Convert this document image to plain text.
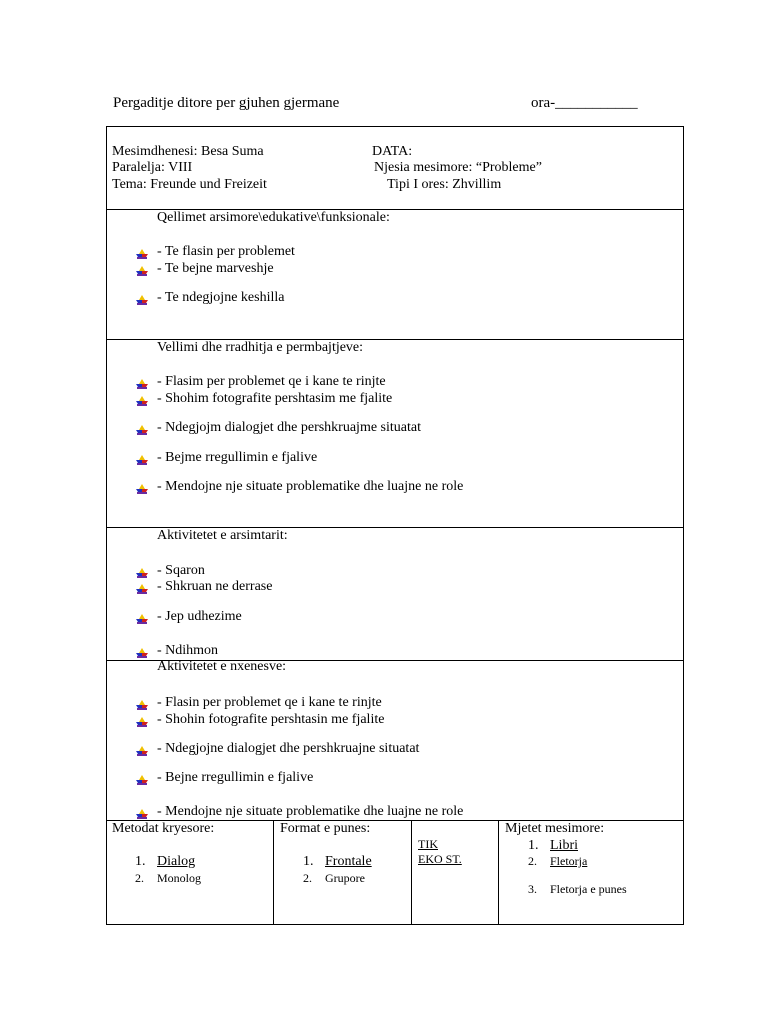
Pergaditje ditore per gjuhen gjermane	ora-___________
Mesimdhenesi: Besa Suma
Paralelja: VIII
Tema: Freunde und Freizeit
DATA:
Njesia mesimore: “Probleme”
Tipi I ores: Zhvillim
Qellimet arsimore\edukative\funksionale:
- Te flasin per problemet
- Te bejne marveshje
- Te ndegjojne keshilla
Vellimi dhe rradhitja e permbajtjeve:
- Flasim per problemet qe i kane te rinjte
- Shohim fotografite pershtasim me fjalite
- Ndegjojm dialogjet dhe pershkruajme situatat
- Bejme rregullimin e fjalive
- Mendojne nje situate problematike dhe luajne ne role
Aktivitetet e arsimtarit:
- Sqaron
- Shkruan ne derrase
- Jep udhezime
- Ndihmon
Aktivitetet e nxenesve:
- Flasin per problemet qe i kane te rinjte
- Shohin fotografite pershtasin me fjalite
- Ndegjojne dialogjet dhe pershkruajne situatat
- Bejne rregullimin e fjalive
- Mendojne nje situate problematike dhe luajne ne role
Metodat kryesore:
1. Dialog
2. Monolog
Format e punes:
1. Frontale
2. Grupore
TIK
EKO ST.
Mjetet mesimore:
1. Libri
2. Fletorja
3. Fletorja e punes
